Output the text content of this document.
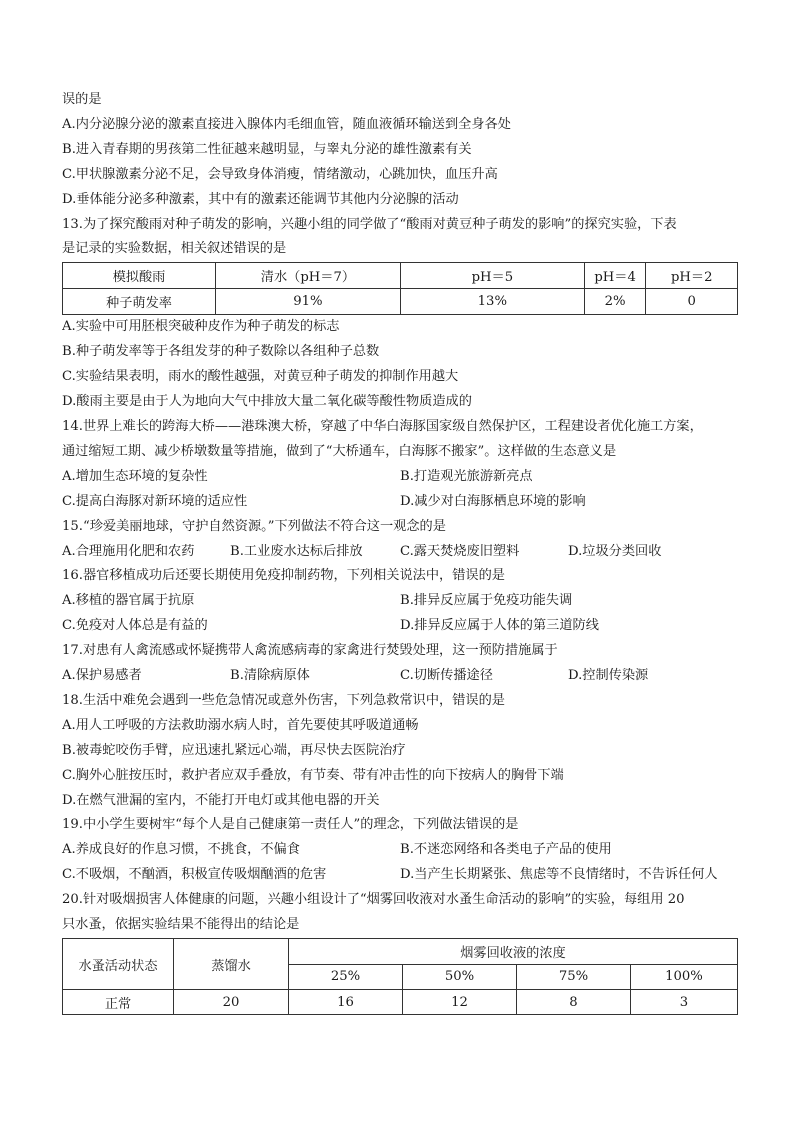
误的是
A.内分泌腺分泌的激素直接进入腺体内毛细血管，随血液循环输送到全身各处
B.进入青春期的男孩第二性征越来越明显，与睾丸分泌的雄性激素有关
C.甲状腺激素分泌不足，会导致身体消瘦，情绪激动，心跳加快，血压升高
D.垂体能分泌多种激素，其中有的激素还能调节其他内分泌腺的活动
13.为了探究酸雨对种子萌发的影响，兴趣小组的同学做了“酸雨对黄豆种子萌发的影响”的探究实验，下表
是记录的实验数据，相关叙述错误的是
模拟酸雨	清水（pH＝7）	pH＝5	pH＝4	pH＝2
种子萌发率	91%	13%	2%	0
A.实验中可用胚根突破种皮作为种子萌发的标志
B.种子萌发率等于各组发芽的种子数除以各组种子总数
C.实验结果表明，雨水的酸性越强，对黄豆种子萌发的抑制作用越大
D.酸雨主要是由于人为地向大气中排放大量二氧化碳等酸性物质造成的
14.世界上难长的跨海大桥——港珠澳大桥，穿越了中华白海豚国家级自然保护区，工程建设者优化施工方案，
通过缩短工期、减少桥墩数量等措施，做到了“大桥通车，白海豚不搬家”。这样做的生态意义是
A.增加生态环境的复杂性	B.打造观光旅游新亮点
C.提高白海豚对新环境的适应性	D.减少对白海豚栖息环境的影响
15.“珍爱美丽地球，守护自然资源。”下列做法不符合这一观念的是
A.合理施用化肥和农药	B.工业废水达标后排放	C.露天焚烧废旧塑料	D.垃圾分类回收
16.器官移植成功后还要长期使用免疫抑制药物，下列相关说法中，错误的是
A.移植的器官属于抗原	B.排异反应属于免疫功能失调
C.免疫对人体总是有益的	D.排异反应属于人体的第三道防线
17.对患有人禽流感或怀疑携带人禽流感病毒的家禽进行焚毁处理，这一预防措施属于
A.保护易感者	B.清除病原体	C.切断传播途径	D.控制传染源
18.生活中难免会遇到一些危急情况或意外伤害，下列急救常识中，错误的是
A.用人工呼吸的方法救助溺水病人时，首先要使其呼吸道通畅
B.被毒蛇咬伤手臂，应迅速扎紧远心端，再尽快去医院治疗
C.胸外心脏按压时，救护者应双手叠放，有节奏、带有冲击性的向下按病人的胸骨下端
D.在燃气泄漏的室内，不能打开电灯或其他电器的开关
19.中小学生要树牢“每个人是自己健康第一责任人”的理念，下列做法错误的是
A.养成良好的作息习惯，不挑食，不偏食	B.不迷恋网络和各类电子产品的使用
C.不吸烟，不酗酒，积极宣传吸烟酗酒的危害	D.当产生长期紧张、焦虑等不良情绪时，不告诉任何人
20.针对吸烟损害人体健康的问题，兴趣小组设计了“烟雾回收液对水蚤生命活动的影响”的实验，每组用 20
只水蚤，依据实验结果不能得出的结论是
水蚤活动状态	蒸馏水	烟雾回收液的浓度			
		25%	50%	75%	100%
正常	20	16	12	8	3
